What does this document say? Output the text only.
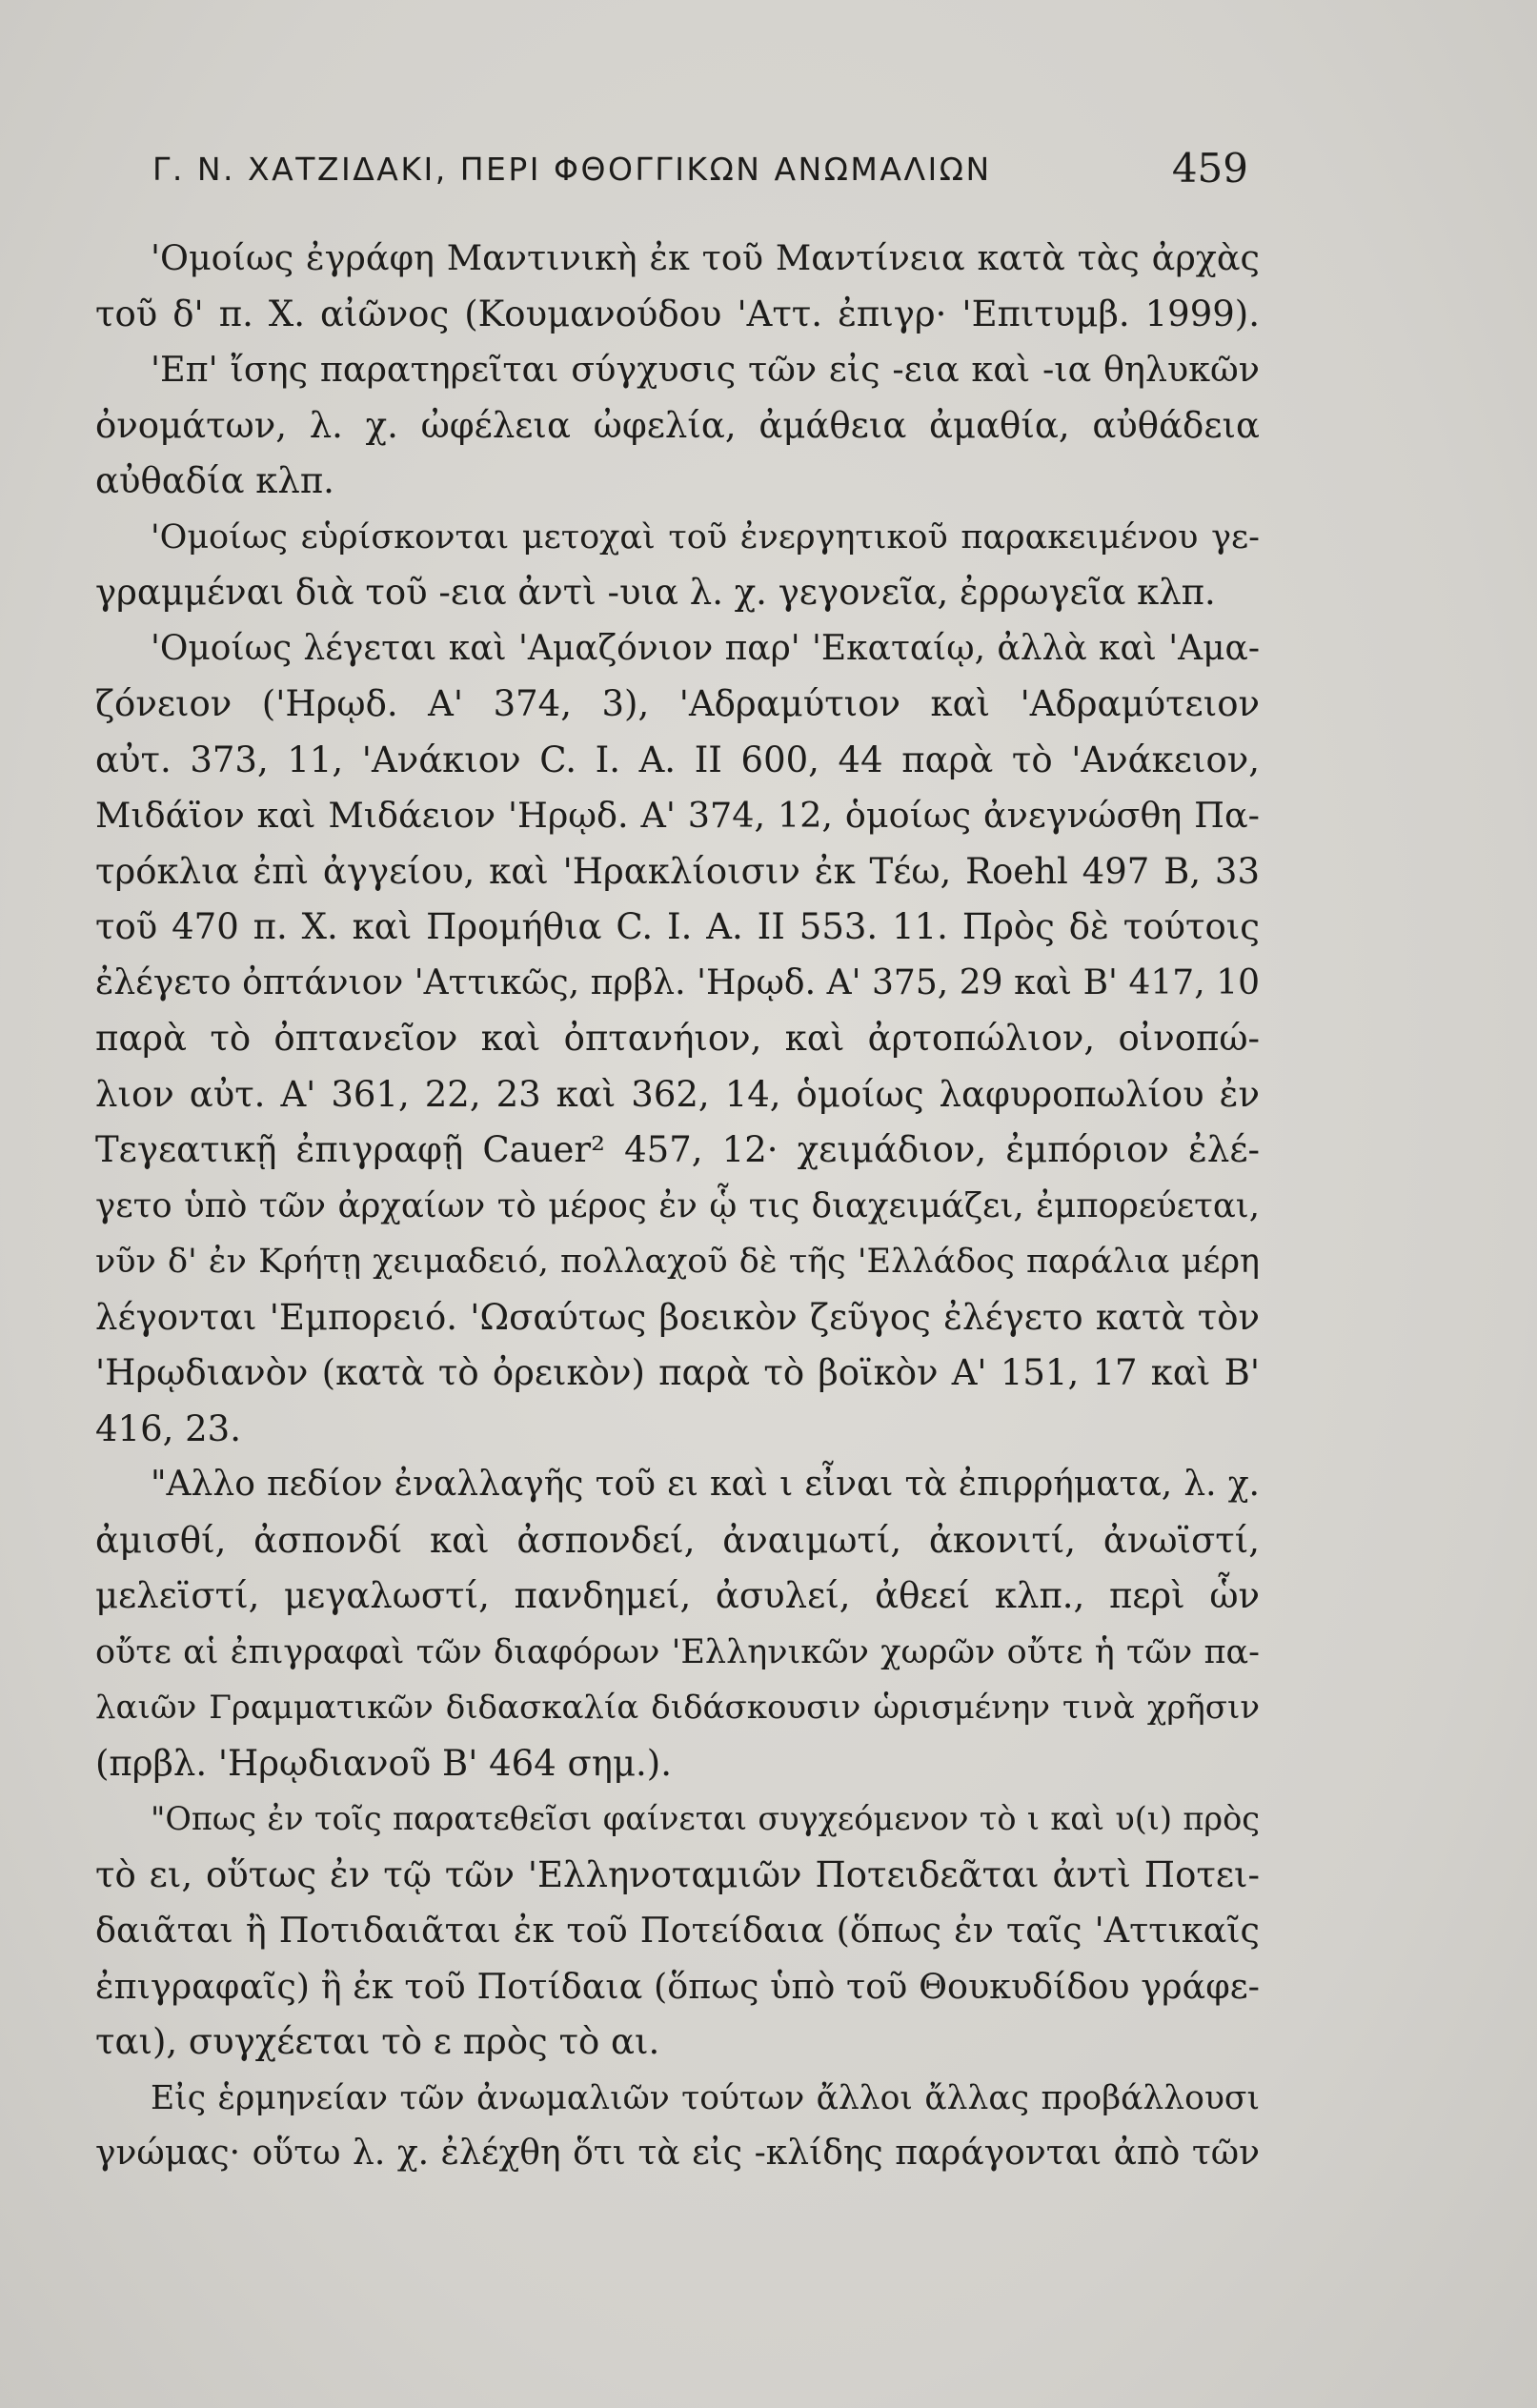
Γ. Ν. ΧΑΤΖΙΔΑΚΙ, ΠΕΡΙ ΦΘΟΓΓΙΚΩΝ ΑΝΩΜΑΛΙΩΝ	459
'Ομοίως ἐγράφη Μαντινικὴ ἐκ τοῦ Μαντίνεια κατὰ τὰς ἀρχὰς
τοῦ δ' π. Χ. αἰῶνος (Κουμανούδου 'Αττ. ἐπιγρ· 'Επιτυμβ. 1999).
'Επ' ἴσης παρατηρεῖται σύγχυσις τῶν εἰς -εια καὶ -ια θηλυκῶν
ὀνομάτων, λ. χ. ὠφέλεια ὠφελία, ἀμάθεια ἀμαθία, αὐθάδεια
αὐθαδία κλπ.
'Ομοίως εὑρίσκονται μετοχαὶ τοῦ ἐνεργητικοῦ παρακειμένου γε-
γραμμέναι διὰ τοῦ -εια ἀντὶ -υια λ. χ. γεγονεῖα, ἐρρωγεῖα κλπ.
'Ομοίως λέγεται καὶ 'Αμαζόνιον παρ' 'Εκαταίῳ, ἀλλὰ καὶ 'Αμα-
ζόνειον ('Ηρῳδ. Α' 374, 3), 'Αδραμύτιον καὶ 'Αδραμύτειον
αὐτ. 373, 11, 'Ανάκιον C. I. A. II 600, 44 παρὰ τὸ 'Ανάκειον,
Μιδάϊον καὶ Μιδάειον 'Ηρῳδ. Α' 374, 12, ὁμοίως ἀνεγνώσθη Πα-
τρόκλια ἐπὶ ἀγγείου, καὶ 'Ηρακλίοισιν ἐκ Τέω, Roehl 497 B, 33
τοῦ 470 π. Χ. καὶ Προμήθια C. I. A. II 553. 11. Πρὸς δὲ τούτοις
ἐλέγετο ὀπτάνιον 'Αττικῶς, πρβλ. 'Ηρῳδ. Α' 375, 29 καὶ Β' 417, 10
παρὰ τὸ ὀπτανεῖον καὶ ὀπτανήιον, καὶ ἀρτοπώλιον, οἰνοπώ-
λιον αὐτ. Α' 361, 22, 23 καὶ 362, 14, ὁμοίως λαφυροπωλίου ἐν
Τεγεατικῇ ἐπιγραφῇ Cauer² 457, 12· χειμάδιον, ἐμπόριον ἐλέ-
γετο ὑπὸ τῶν ἀρχαίων τὸ μέρος ἐν ᾧ τις διαχειμάζει, ἐμπορεύεται,
νῦν δ' ἐν Κρήτῃ χειμαδειό, πολλαχοῦ δὲ τῆς 'Ελλάδος παράλια μέρη
λέγονται 'Εμπορειό. 'Ωσαύτως βοεικὸν ζεῦγος ἐλέγετο κατὰ τὸν
'Ηρῳδιανὸν (κατὰ τὸ ὀρεικὸν) παρὰ τὸ βοϊκὸν Α' 151, 17 καὶ Β'
416, 23.
"Αλλο πεδίον ἐναλλαγῆς τοῦ ει καὶ ι εἶναι τὰ ἐπιρρήματα, λ. χ.
ἀμισθί, ἀσπονδί καὶ ἀσπονδεί, ἀναιμωτί, ἀκονιτί, ἀνωϊστί,
μελεϊστί, μεγαλωστί, πανδημεί, ἀσυλεί, ἀθεεί κλπ., περὶ ὧν
οὔτε αἱ ἐπιγραφαὶ τῶν διαφόρων 'Ελληνικῶν χωρῶν οὔτε ἡ τῶν πα-
λαιῶν Γραμματικῶν διδασκαλία διδάσκουσιν ὡρισμένην τινὰ χρῆσιν
(πρβλ. 'Ηρῳδιανοῦ Β' 464 σημ.).
"Οπως ἐν τοῖς παρατεθεῖσι φαίνεται συγχεόμενον τὸ ι καὶ υ(ι) πρὸς
τὸ ει, οὕτως ἐν τῷ τῶν 'Ελληνοταμιῶν Ποτειδεᾶται ἀντὶ Ποτει-
δαιᾶται ἢ Ποτιδαιᾶται ἐκ τοῦ Ποτείδαια (ὅπως ἐν ταῖς 'Αττικαῖς
ἐπιγραφαῖς) ἢ ἐκ τοῦ Ποτίδαια (ὅπως ὑπὸ τοῦ Θουκυδίδου γράφε-
ται), συγχέεται τὸ ε πρὸς τὸ αι.
Εἰς ἑρμηνείαν τῶν ἀνωμαλιῶν τούτων ἄλλοι ἄλλας προβάλλουσι
γνώμας· οὕτω λ. χ. ἐλέχθη ὅτι τὰ εἰς -κλίδης παράγονται ἀπὸ τῶν
